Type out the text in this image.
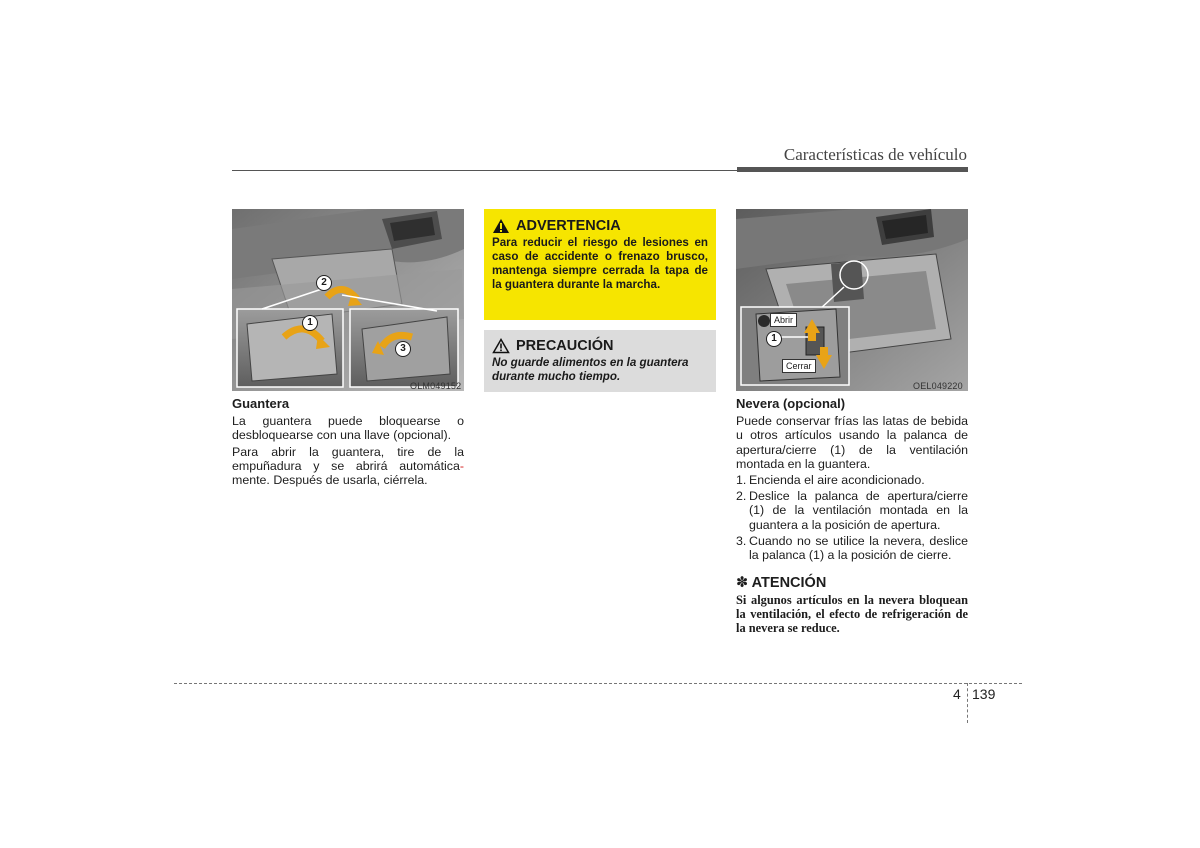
Características de vehículo
2
1
3
OLM049152
Guantera
La guantera puede bloquearse o desbloquearse con una llave (opcional).
Para abrir la guantera, tire de la empuñadura y se abrirá automática- mente. Después de usarla, ciérrela.
ADVERTENCIA
Para reducir el riesgo de lesiones en caso de accidente o frenazo brusco, mantenga siempre cerrada la tapa de la guantera durante la marcha.
PRECAUCIÓN
No guarde alimentos en la guantera durante mucho tiempo.
Abrir
Cerrar
1
OEL049220
Nevera (opcional)
Puede conservar frías las latas de bebida u otros artículos usando la palanca de apertura/cierre (1) de la ventilación montada en la guantera.
1. Encienda el aire acondicionado.
2. Deslice la palanca de apertura/cierre (1) de la ventilación montada en la guantera a la posición de apertura.
3. Cuando no se utilice la nevera, deslice la palanca (1) a la posición de cierre.
✽ ATENCIÓN
Si algunos artículos en la nevera bloquean la ventilación, el efecto de refrigeración de la nevera se reduce.
4 139
